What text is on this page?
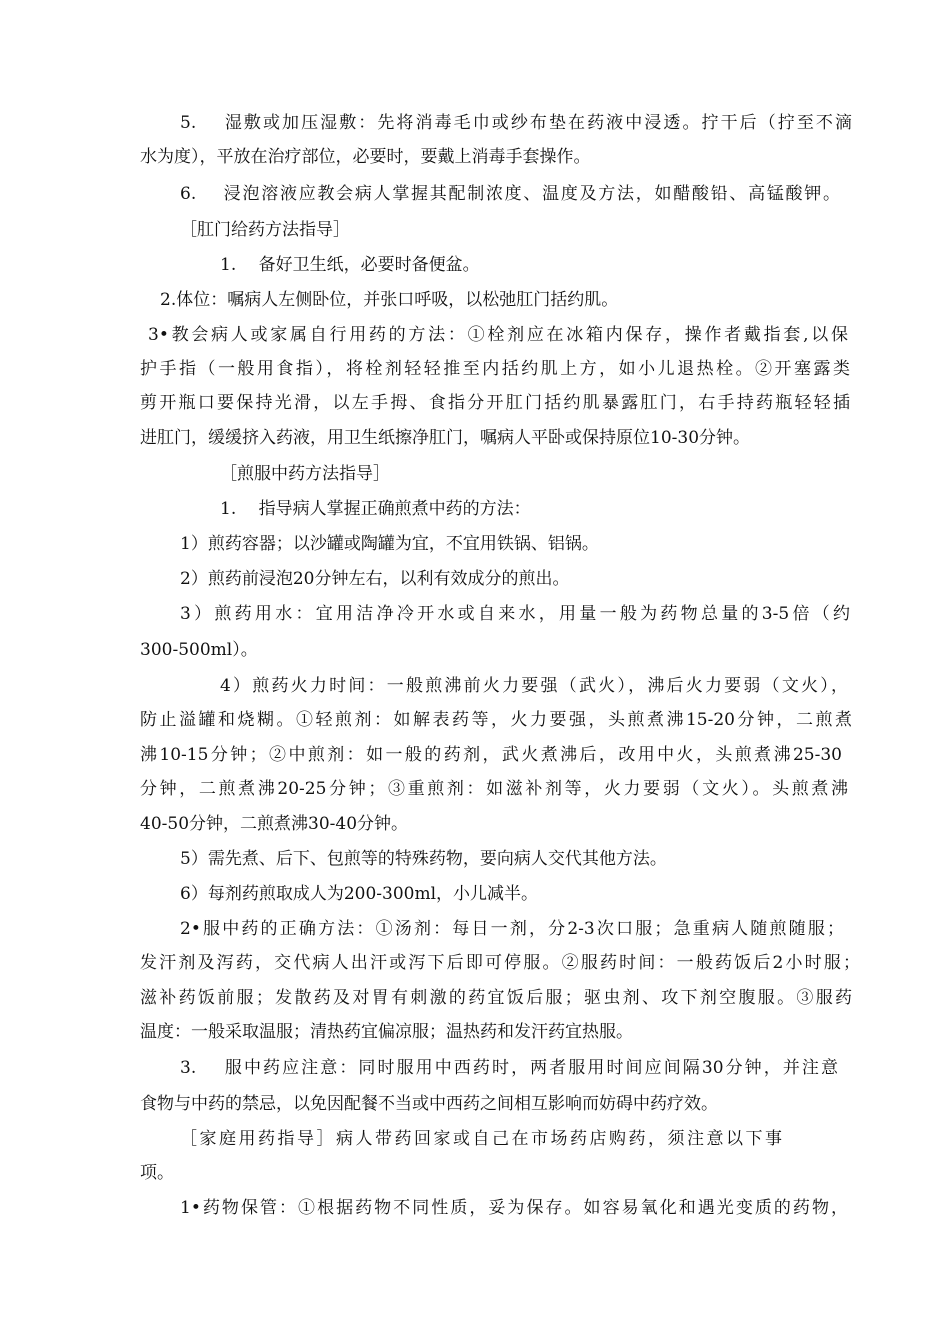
5.　 湿敷或加压湿敷：先将消毒毛巾或纱布垫在药液中浸透。拧干后（拧至不滴
水为度），平放在治疗部位，必要时，要戴上消毒手套操作。
6.　 浸泡溶液应教会病人掌握其配制浓度、温度及方法，如醋酸铅、高锰酸钾。
［肛门给药方法指导］
1.　 备好卫生纸，必要时备便盆。
2.体位：嘱病人左侧卧位，并张口呼吸，以松弛肛门括约肌。
3•教会病人或家属自行用药的方法：①栓剂应在冰箱内保存，操作者戴指套,以保
护手指（一般用食指），将栓剂轻轻推至内括约肌上方，如小儿退热栓。②开塞露类
剪开瓶口要保持光滑，以左手拇、食指分开肛门括约肌暴露肛门，右手持药瓶轻轻插
进肛门，缓缓挤入药液，用卫生纸擦净肛门，嘱病人平卧或保持原位10-30分钟。
［煎服中药方法指导］
1.　 指导病人掌握正确煎煮中药的方法：
1）煎药容器；以沙罐或陶罐为宜，不宜用铁锅、铝锅。
2）煎药前浸泡20分钟左右，以利有效成分的煎出。
3）煎药用水：宜用洁净冷开水或自来水，用量一般为药物总量的3-5倍（约
300-500ml）。
4）煎药火力时间：一般煎沸前火力要强（武火），沸后火力要弱（文火），
防止溢罐和烧糊。①轻煎剂：如解表药等，火力要强，头煎煮沸15-20分钟，二煎煮
沸10-15分钟；②中煎剂：如一般的药剂，武火煮沸后，改用中火，头煎煮沸25-30
分钟，二煎煮沸20-25分钟；③重煎剂：如滋补剂等，火力要弱（文火）。头煎煮沸
40-50分钟，二煎煮沸30-40分钟。
5）需先煮、后下、包煎等的特殊药物，要向病人交代其他方法。
6）每剂药煎取成人为200-300ml，小儿减半。
2•服中药的正确方法：①汤剂：每日一剂，分2-3次口服；急重病人随煎随服；
发汗剂及泻药，交代病人出汗或泻下后即可停服。②服药时间：一般药饭后2小时服；
滋补药饭前服；发散药及对胃有刺激的药宜饭后服；驱虫剂、攻下剂空腹服。③服药
温度：一般采取温服；清热药宜偏凉服；温热药和发汗药宜热服。
3.　 服中药应注意：同时服用中西药时，两者服用时间应间隔30分钟，并注意
食物与中药的禁忌，以免因配餐不当或中西药之间相互影响而妨碍中药疗效。
［家庭用药指导］病人带药回家或自己在市场药店购药，须注意以下事
项。
1•药物保管：①根据药物不同性质，妥为保存。如容易氧化和遇光变质的药物，
